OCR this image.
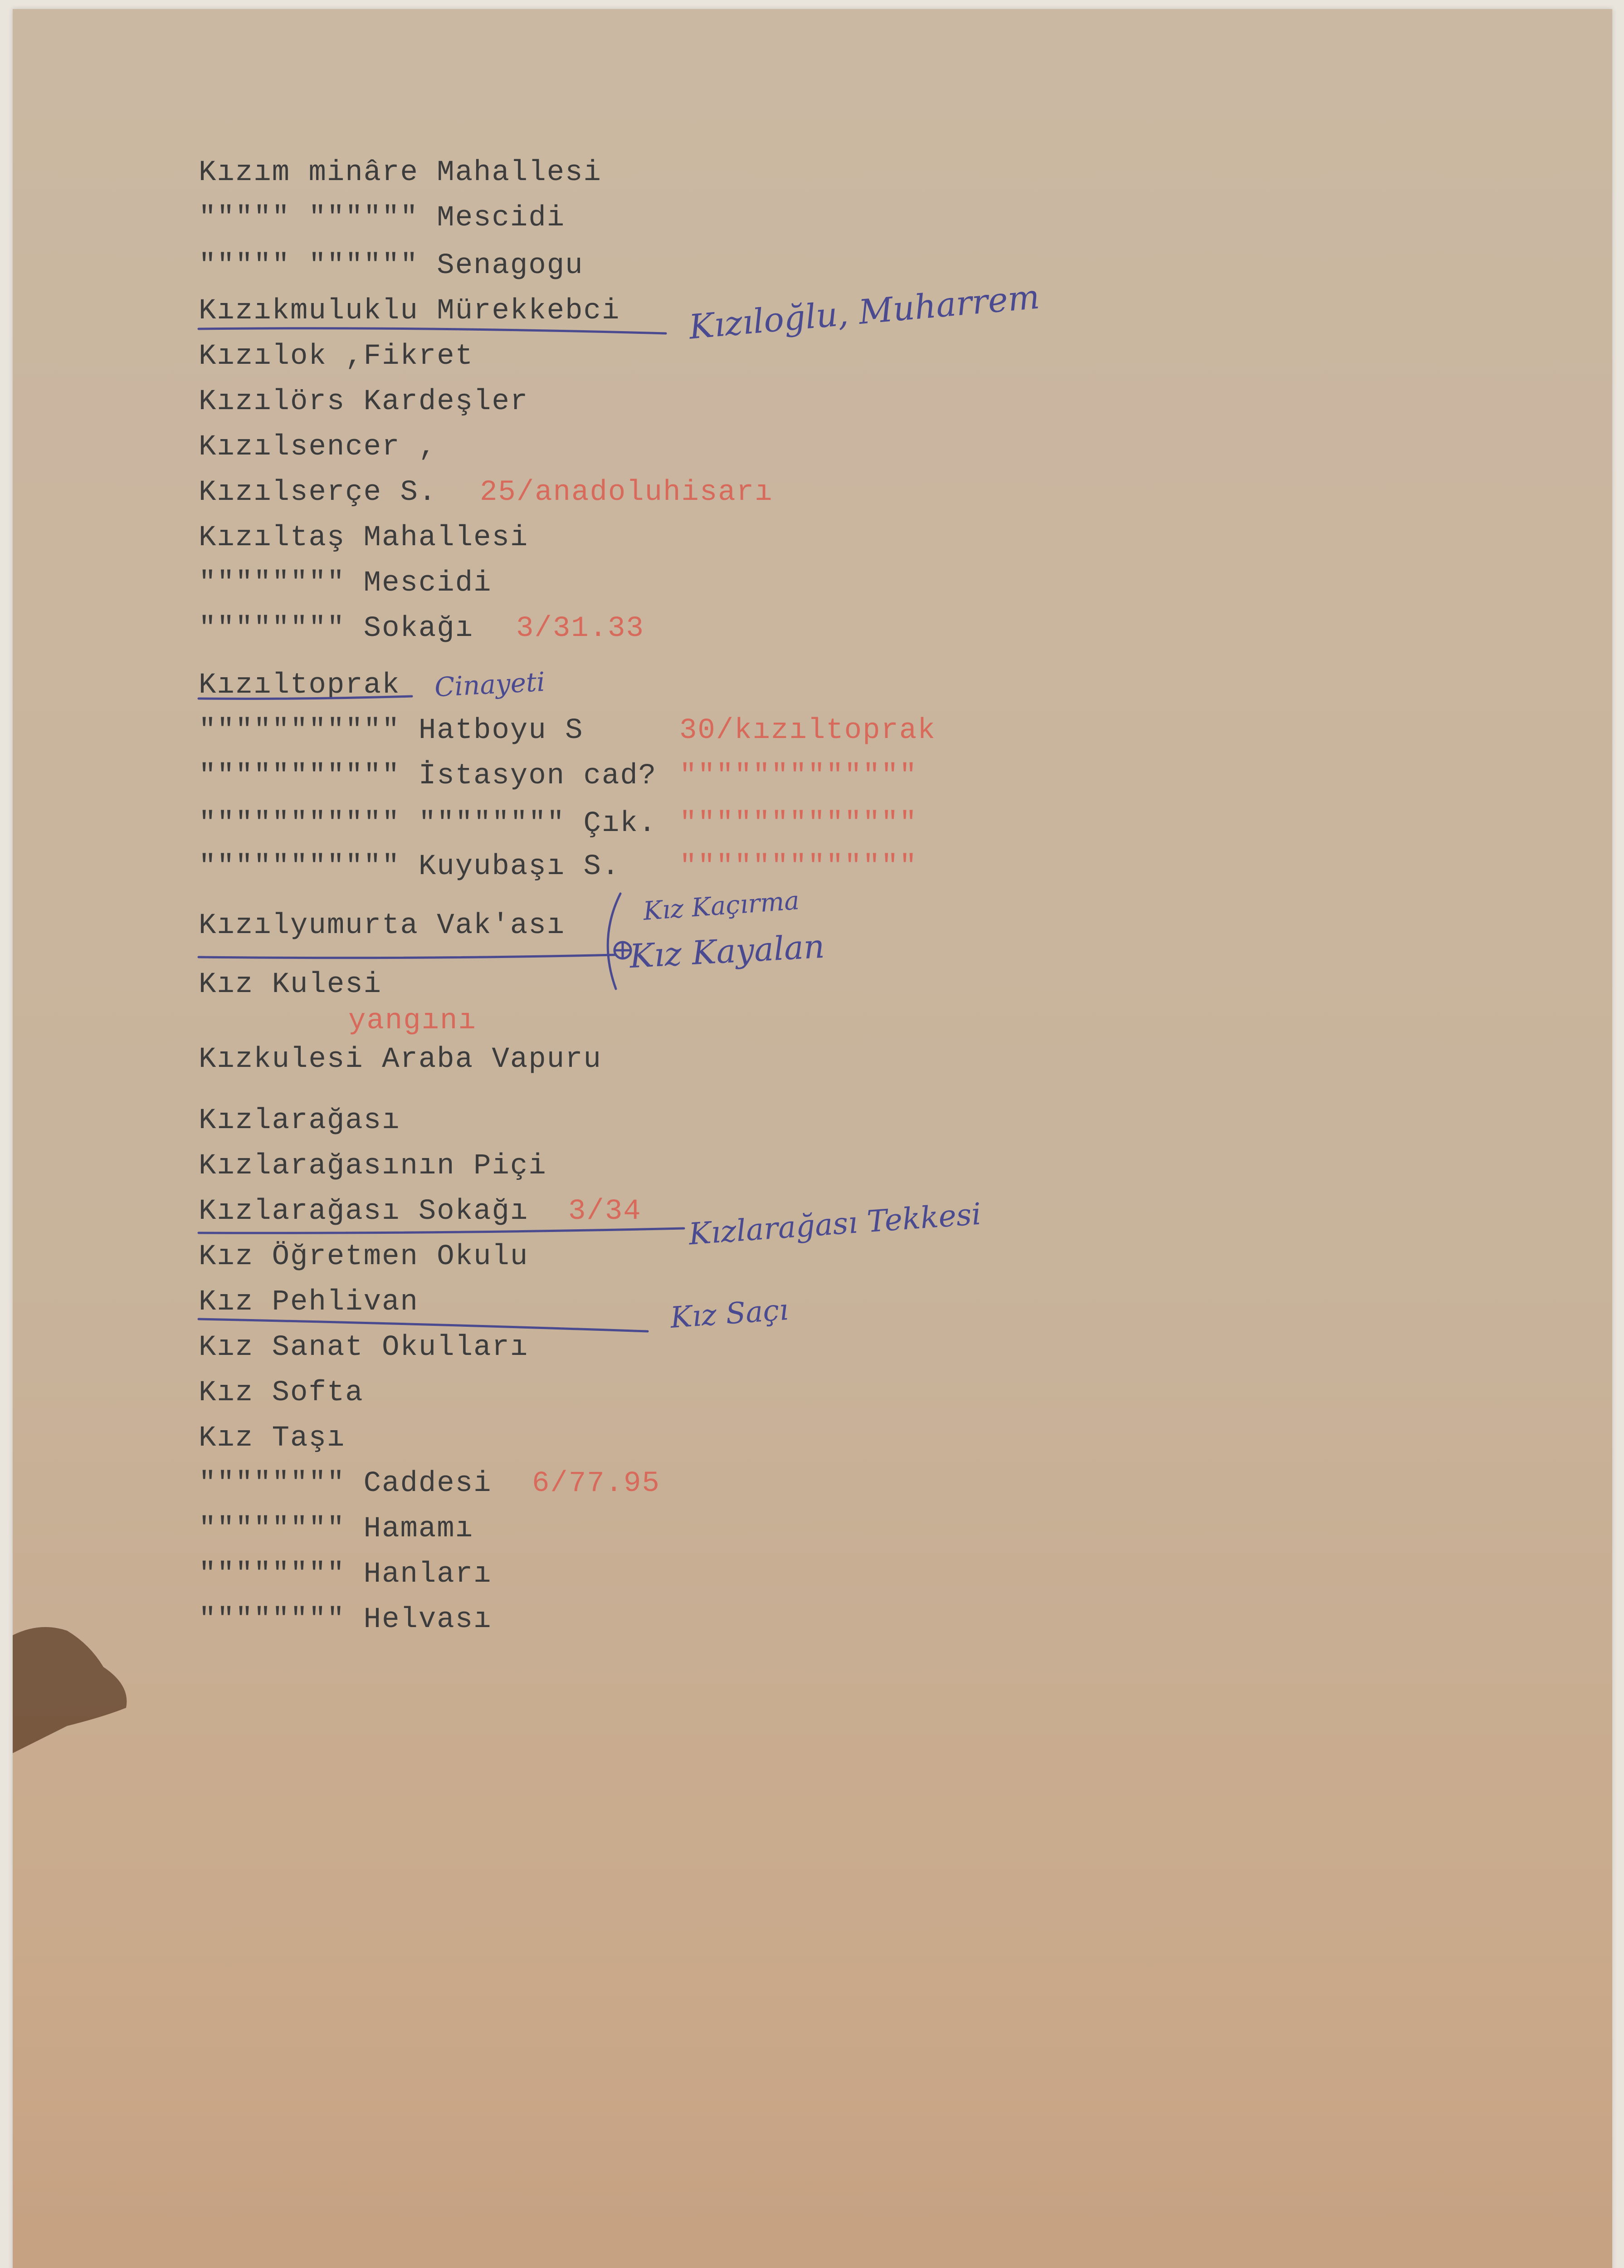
Kızım minâre Mahallesi
""""" """""" Mescidi
""""" """""" Senagogu
Kızıkmuluklu Mürekkebci
Kızılok ,Fikret
Kızılörs Kardeşler
Kızılsencer ,
Kızılserçe S.
Kızıltaş Mahallesi
"""""""" Mescidi
"""""""" Sokağı
Kızıltoprak
""""""""""" Hatboyu S
""""""""""" İstasyon cad?
""""""""""" """""""" Çık.
""""""""""" Kuyubaşı S.
Kızılyumurta Vak'ası
Kız Kulesi
Kızkulesi Araba Vapuru
Kızlarağası
Kızlarağasının Piçi
Kızlarağası Sokağı
Kız Öğretmen Okulu
Kız Pehlivan
Kız Sanat Okulları
Kız Softa
Kız Taşı
"""""""" Caddesi
"""""""" Hamamı
"""""""" Hanları
"""""""" Helvası
25/anadoluhisarı
3/31.33
30/kızıltoprak
"""""""""""""
"""""""""""""
"""""""""""""
yangını
3/34
6/77.95
Kızıloğlu, Muharrem
Cinayeti
Kız Kaçırma
Kız Kayalan
Kızlarağası Tekkesi
Kız Saçı
